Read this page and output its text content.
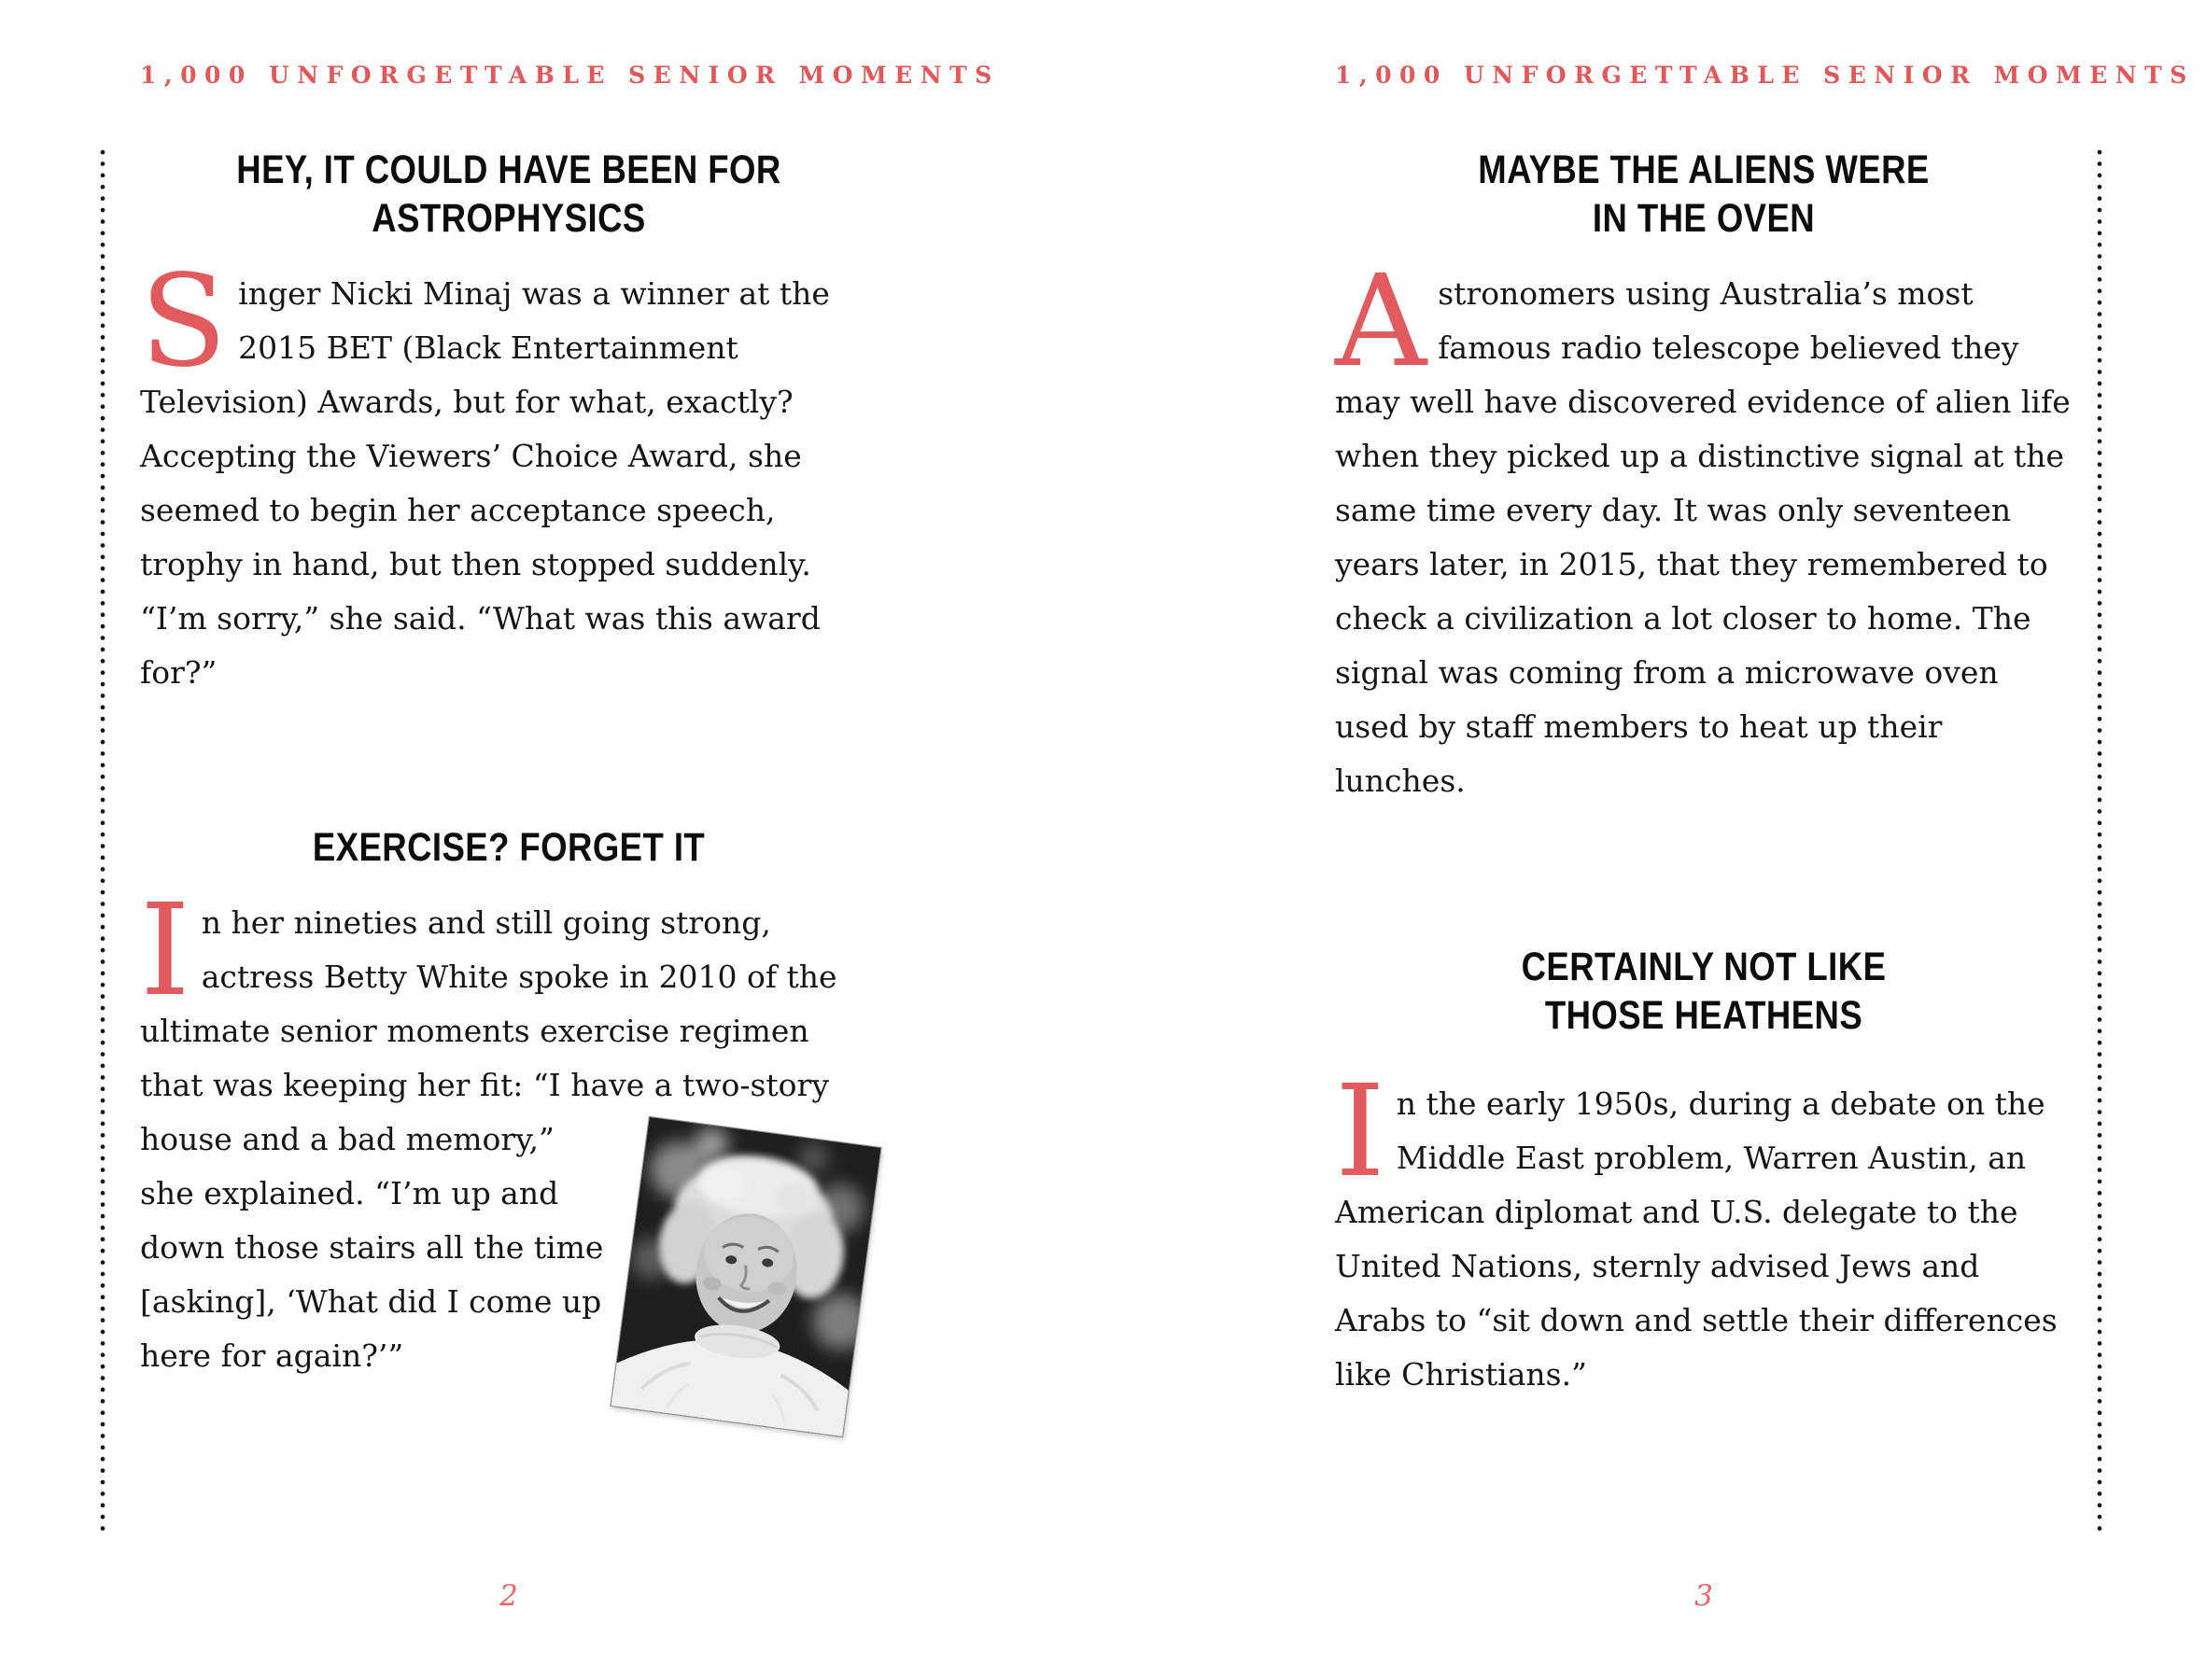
1,000 UNFORGETTABLE SENIOR MOMENTS
HEY, IT COULD HAVE BEEN FOR
ASTROPHYSICS

Singer Nicki Minaj was a winner at the 2015 BET (Black Entertainment Television) Awards, but for what, exactly? Accepting the Viewers’ Choice Award, she seemed to begin her acceptance speech, trophy in hand, but then stopped suddenly. “I’m sorry,” she said. “What was this award for?”

EXERCISE? FORGET IT

In her nineties and still going strong, actress Betty White spoke in 2010 of the ultimate senior moments exercise regimen that was keeping her fit: “I have a two-story house and a bad memory,” she explained. “I’m up and down those stairs all the time [asking], ‘What did I come up here for again?’”

2
1,000 UNFORGETTABLE SENIOR MOMENTS
MAYBE THE ALIENS WERE
IN THE OVEN

Astronomers using Australia’s most famous radio telescope believed they may well have discovered evidence of alien life when they picked up a distinctive signal at the same time every day. It was only seventeen years later, in 2015, that they remembered to check a civilization a lot closer to home. The signal was coming from a microwave oven used by staff members to heat up their lunches.

CERTAINLY NOT LIKE
THOSE HEATHENS

In the early 1950s, during a debate on the Middle East problem, Warren Austin, an American diplomat and U.S. delegate to the United Nations, sternly advised Jews and Arabs to “sit down and settle their differences like Christians.”

3
